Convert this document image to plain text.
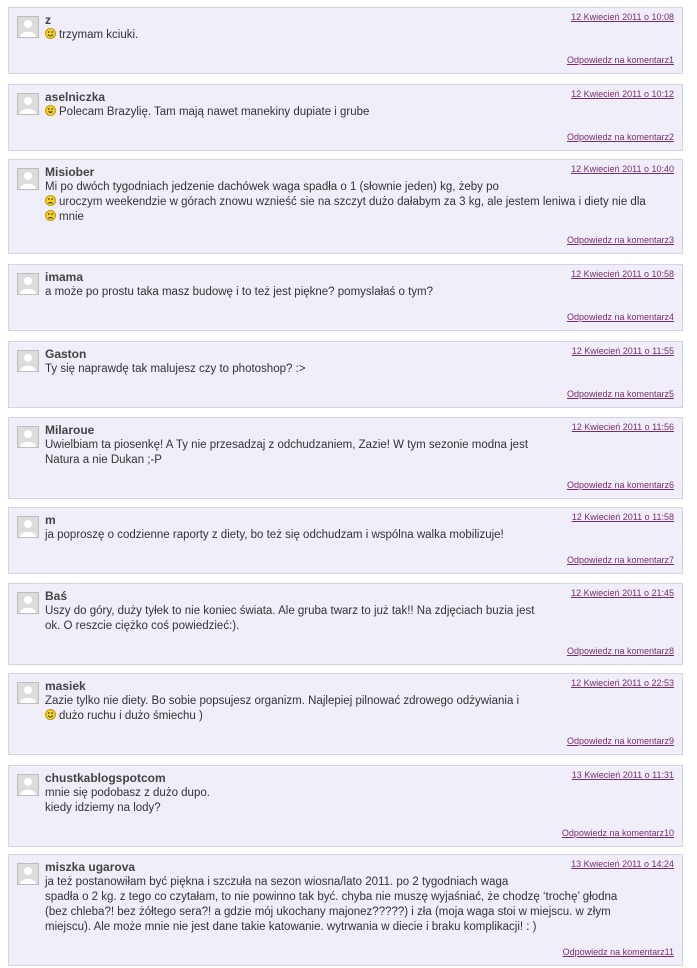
z	12 Kwiecień 2011 o 10:08
trzymam kciuki.
Odpowiedz na komentarz1
aselniczka	12 Kwiecień 2011 o 10:12
Polecam Brazylię. Tam mają nawet manekiny dupiate i grube
Odpowiedz na komentarz2
Misiober	12 Kwiecień 2011 o 10:40
Mi po dwóch tygodniach jedzenie dachówek waga spadła o 1 (słownie jeden) kg, żeby po
uroczym weekendzie w górach znowu wznieść sie na szczyt dużo dałabym za 3 kg, ale jestem leniwa i diety nie dla
mnie
Odpowiedz na komentarz3
imama	12 Kwiecień 2011 o 10:58
a może po prostu taka masz budowę i to też jest piękne? pomyslałaś o tym?
Odpowiedz na komentarz4
Gaston	12 Kwiecień 2011 o 11:55
Ty się naprawdę tak malujesz czy to photoshop? :>
Odpowiedz na komentarz5
Milaroue	12 Kwiecień 2011 o 11:56
Uwielbiam ta piosenkę! A Ty nie przesadzaj z odchudzaniem, Zazie! W tym sezonie modna jest
Natura a nie Dukan ;-P
Odpowiedz na komentarz6
m	12 Kwiecień 2011 o 11:58
ja poproszę o codzienne raporty z diety, bo też się odchudzam i wspólna walka mobilizuje!
Odpowiedz na komentarz7
Baś	12 Kwiecień 2011 o 21:45
Uszy do góry, duży tyłek to nie koniec świata. Ale gruba twarz to już tak!! Na zdjęciach buzia jest
ok. O reszcie ciężko coś powiedzieć:).
Odpowiedz na komentarz8
masiek	12 Kwiecień 2011 o 22:53
Zazie tylko nie diety. Bo sobie popsujesz organizm. Najlepiej pilnować zdrowego odżywiania i
dużo ruchu i dużo śmiechu )
Odpowiedz na komentarz9
chustkablogspotcom	13 Kwiecień 2011 o 11:31
mnie się podobasz z dużo dupo.
kiedy idziemy na lody?
Odpowiedz na komentarz10
miszka ugarova	13 Kwiecień 2011 o 14:24
ja też postanowiłam być piękna i szczuła na sezon wiosna/lato 2011. po 2 tygodniach waga
spadła o 2 kg. z tego co czytałam, to nie powinno tak być. chyba nie muszę wyjaśniać, że chodzę ‘trochę’ głodna
(bez chleba?! bez żółtego sera?! a gdzie mój ukochany majonez?????) i zła (moja waga stoi w miejscu. w złym
miejscu). Ale może mnie nie jest dane takie katowanie. wytrwania w diecie i braku komplikacji! : )
Odpowiedz na komentarz11
